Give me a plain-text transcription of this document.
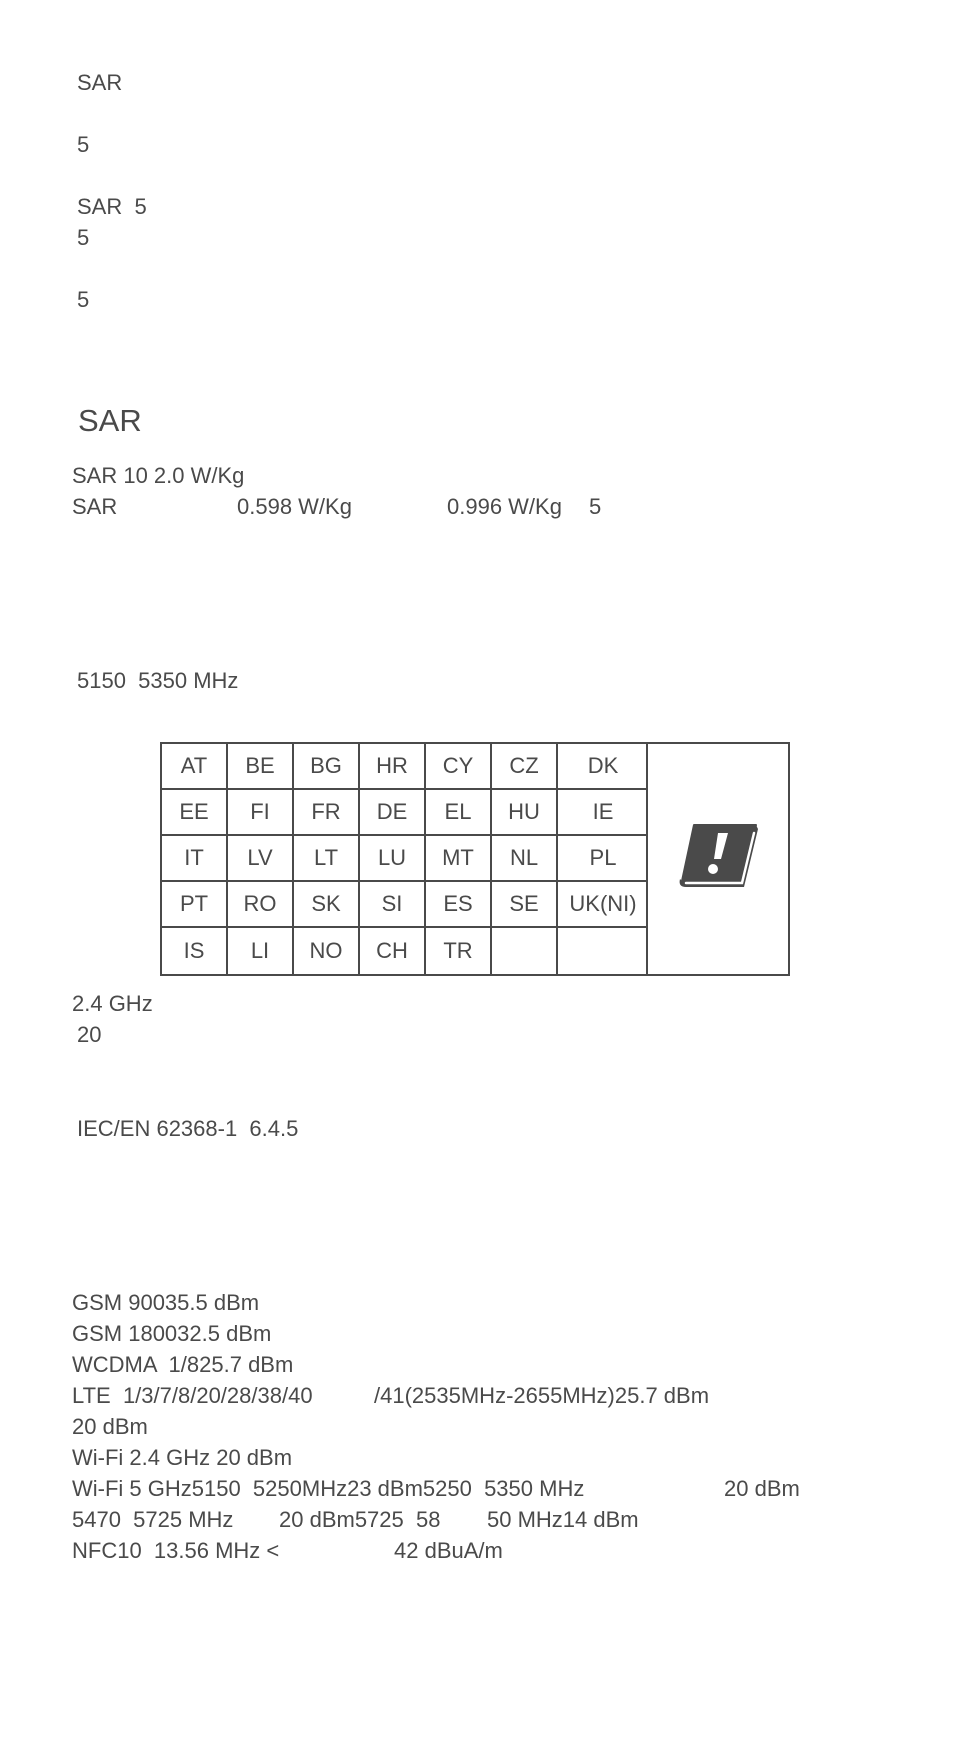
SAR
5
SAR  5
5
5
SAR
SAR 10 2.0 W/Kg
SAR	0.598 W/Kg	0.996 W/Kg 5
5150  5350 MHz
AT	BE	BG	HR	CY	CZ	DK
EE	FI	FR	DE	EL	HU	IE
IT	LV	LT	LU	MT	NL	PL
PT	RO	SK	SI	ES	SE	UK(NI)
IS	LI	NO	CH	TR
2.4 GHz
20
IEC/EN 62368-1  6.4.5
GSM 90035.5 dBm
GSM 180032.5 dBm
WCDMA  1/825.7 dBm
LTE  1/3/7/8/20/28/38/40	/41(2535MHz-2655MHz)25.7 dBm
20 dBm
Wi-Fi 2.4 GHz 20 dBm
Wi-Fi 5 GHz5150  5250MHz23 dBm5250  5350 MHz	20 dBm
5470  5725 MHz 20 dBm5725  58 50 MHz14 dBm
NFC10  13.56 MHz <	42 dBuA/m
